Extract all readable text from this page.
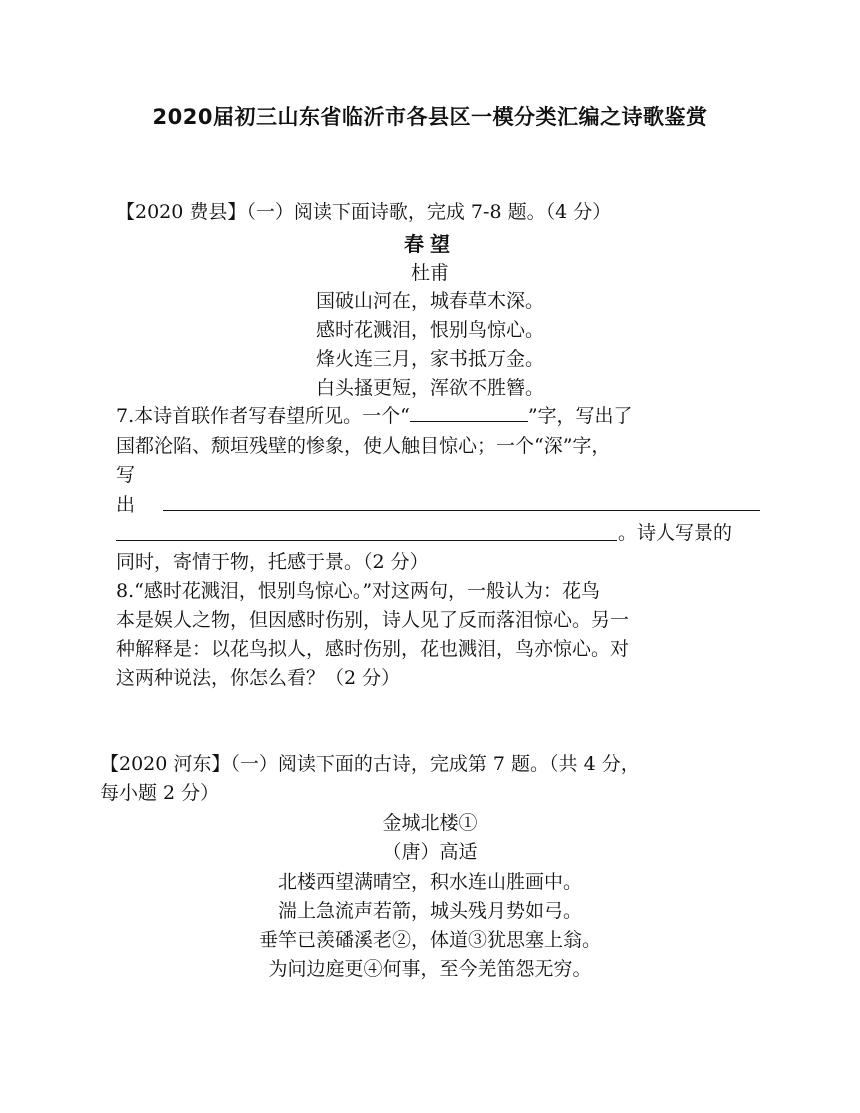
2020届初三山东省临沂市各县区一模分类汇编之诗歌鉴赏
【2020 费县】（一）阅读下面诗歌，完成 7-8 题。（4 分）
春望
杜甫
国破山河在，城春草木深。
感时花溅泪，恨别鸟惊心。
烽火连三月，家书抵万金。
白头搔更短，浑欲不胜簪。
7.本诗首联作者写春望所见。一个“	”字，写出了
国都沦陷、颓垣残壁的惨象，使人触目惊心；一个“深”字，
写
出
。诗人写景的
同时，寄情于物，托感于景。（2 分）
8.“感时花溅泪，恨别鸟惊心。”对这两句，一般认为：花鸟
本是娱人之物，但因感时伤别，诗人见了反而落泪惊心。另一
种解释是：以花鸟拟人，感时伤别，花也溅泪，鸟亦惊心。对
这两种说法，你怎么看？（2 分）
【2020 河东】（一）阅读下面的古诗，完成第 7 题。（共 4 分，
每小题 2 分）
金城北楼①
（唐）高适
北楼西望满晴空，积水连山胜画中。
湍上急流声若箭，城头残月势如弓。
垂竿已羡磻溪老②，体道③犹思塞上翁。
为问边庭更④何事，至今羌笛怨无穷。
